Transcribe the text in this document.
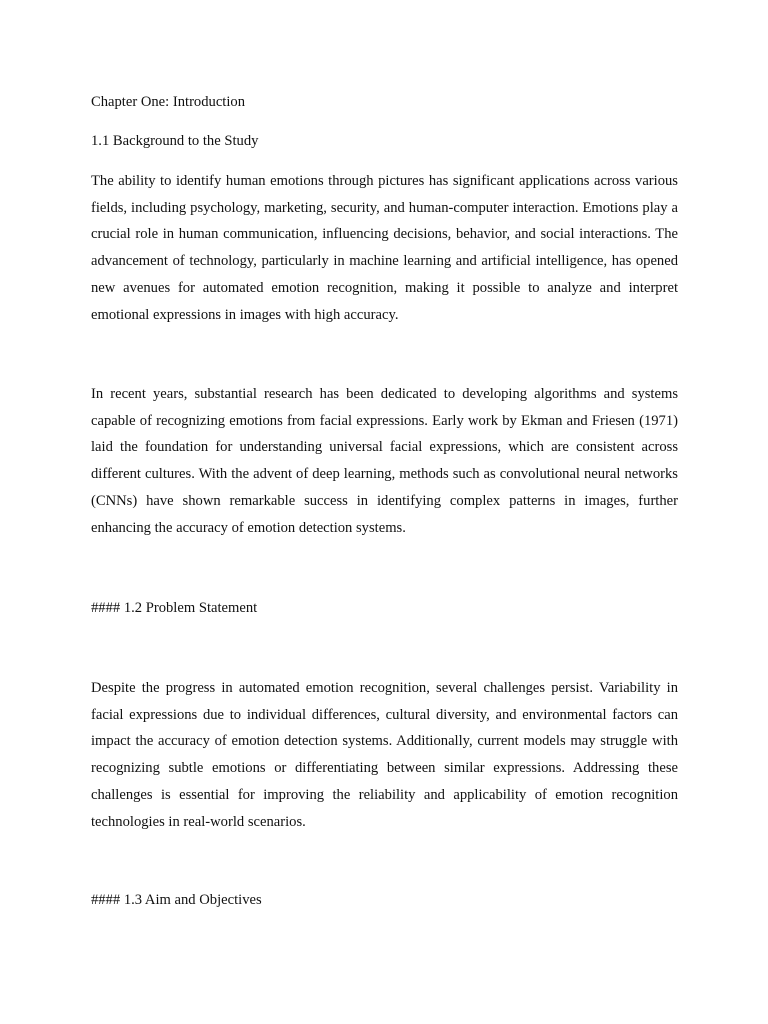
Chapter One: Introduction

1.1 Background to the Study

The ability to identify human emotions through pictures has significant applications across various fields, including psychology, marketing, security, and human-computer interaction. Emotions play a crucial role in human communication, influencing decisions, behavior, and social interactions. The advancement of technology, particularly in machine learning and artificial intelligence, has opened new avenues for automated emotion recognition, making it possible to analyze and interpret emotional expressions in images with high accuracy.

In recent years, substantial research has been dedicated to developing algorithms and systems capable of recognizing emotions from facial expressions. Early work by Ekman and Friesen (1971) laid the foundation for understanding universal facial expressions, which are consistent across different cultures. With the advent of deep learning, methods such as convolutional neural networks (CNNs) have shown remarkable success in identifying complex patterns in images, further enhancing the accuracy of emotion detection systems.

#### 1.2 Problem Statement

Despite the progress in automated emotion recognition, several challenges persist. Variability in facial expressions due to individual differences, cultural diversity, and environmental factors can impact the accuracy of emotion detection systems. Additionally, current models may struggle with recognizing subtle emotions or differentiating between similar expressions. Addressing these challenges is essential for improving the reliability and applicability of emotion recognition technologies in real-world scenarios.

#### 1.3 Aim and Objectives
